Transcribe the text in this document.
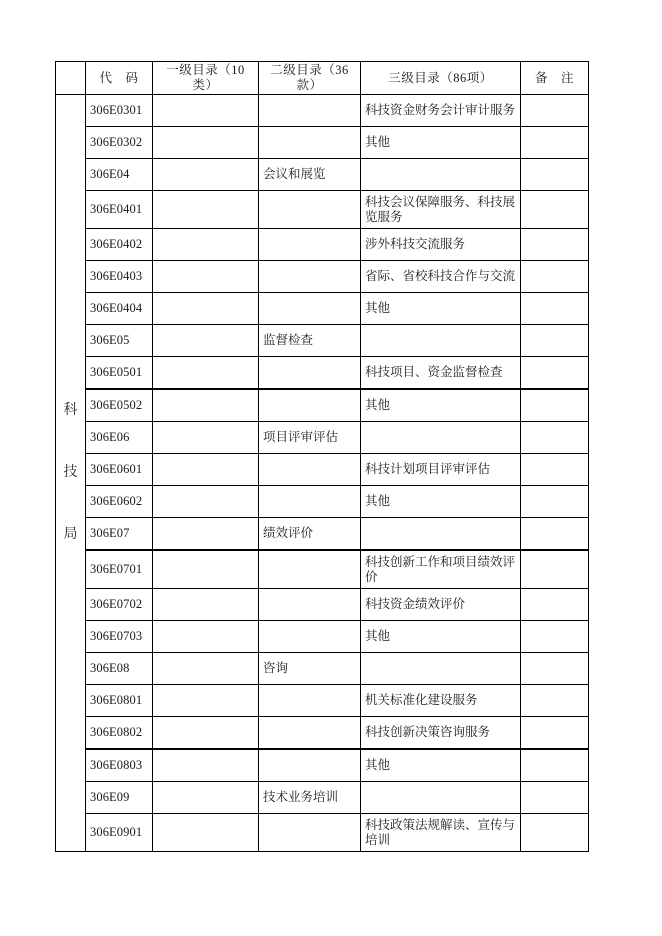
	代　码	一级目录（10类）	二级目录（36款）	三级目录（86项）	备　注

科
技
局	306E0301			科技资金财务会计审计服务	
	306E0302			其他	
	306E04		会议和展览		
	306E0401			科技会议保障服务、科技展览服务	
	306E0402			涉外科技交流服务	
	306E0403			省际、省校科技合作与交流	
	306E0404			其他	
	306E05		监督检查		
	306E0501			科技项目、资金监督检查	
	306E0502			其他	
	306E06		项目评审评估		
	306E0601			科技计划项目评审评估	
	306E0602			其他	
	306E07		绩效评价		
	306E0701			科技创新工作和项目绩效评价	
	306E0702			科技资金绩效评价	
	306E0703			其他	
	306E08		咨询		
	306E0801			机关标准化建设服务	
	306E0802			科技创新决策咨询服务	
	306E0803			其他	
	306E09		技术业务培训		
	306E0901			科技政策法规解读、宣传与培训	
